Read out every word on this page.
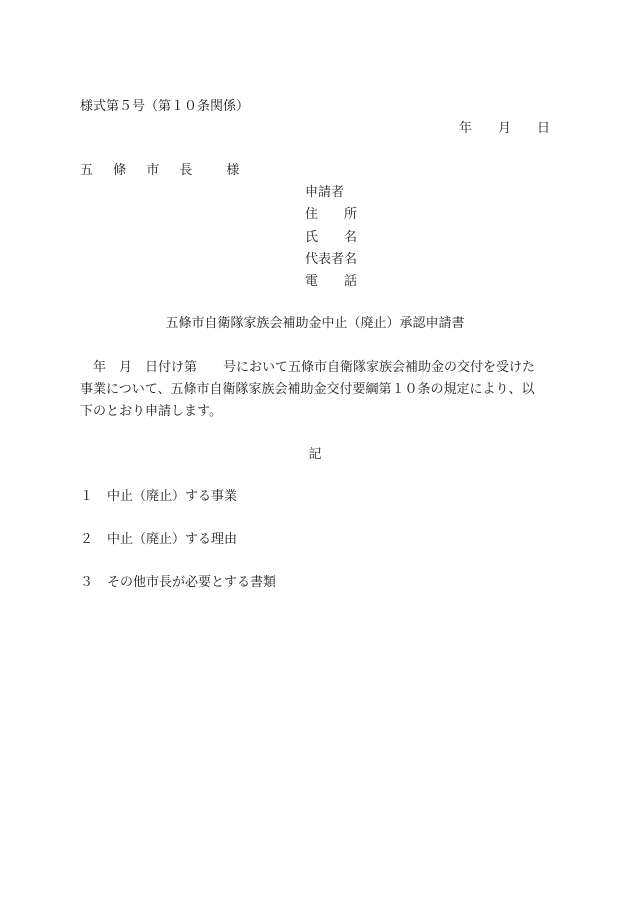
様式第５号（第１０条関係）
年 月 日
五 條 市 長 様
申請者
住所
氏名
代表者名
電話
五條市自衛隊家族会補助金中止（廃止）承認申請書
　年　月　日付け第　　号において五條市自衛隊家族会補助金の交付を受けた
事業について、五條市自衛隊家族会補助金交付要綱第１０条の規定により、以
下のとおり申請します。
記
１ 中止（廃止）する事業
２ 中止（廃止）する理由
３ その他市長が必要とする書類
